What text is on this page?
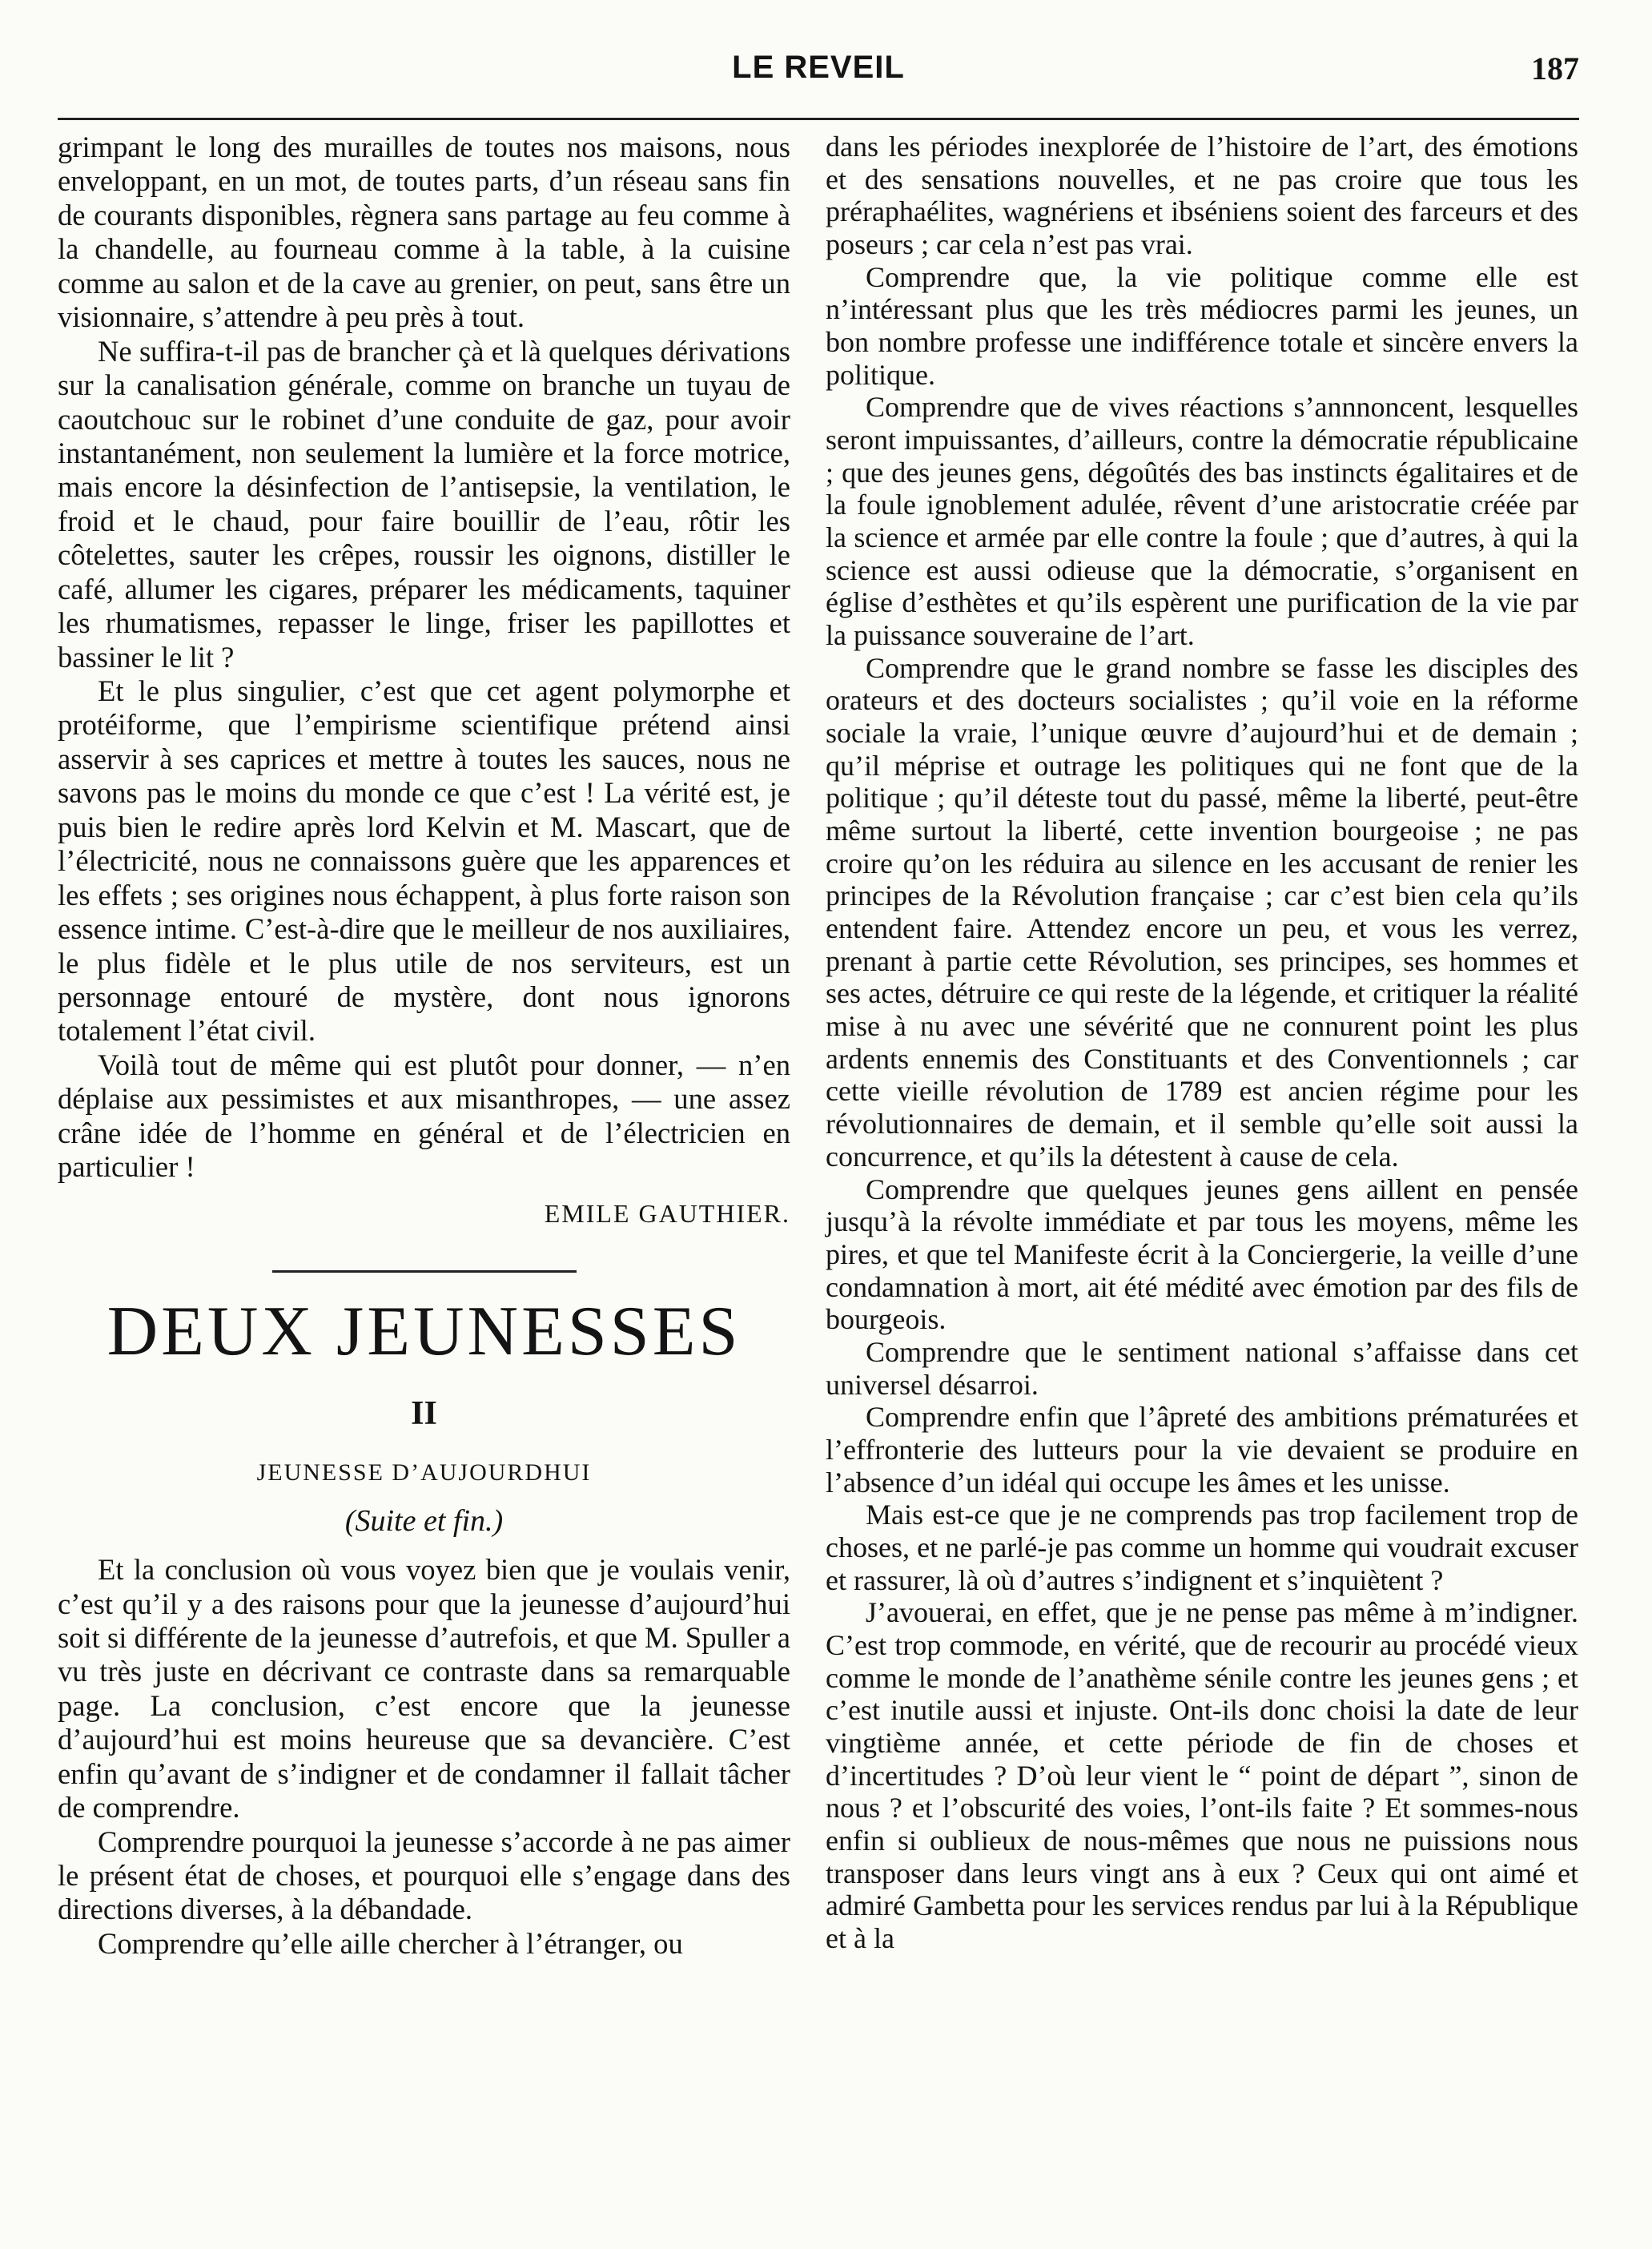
LE REVEIL	187

grimpant le long des murailles de toutes nos maisons, nous enveloppant, en un mot, de toutes parts, d’un réseau sans fin de courants disponibles, règnera sans partage au feu comme à la chandelle, au fourneau comme à la table, à la cuisine comme au salon et de la cave au grenier, on peut, sans être un visionnaire, s’attendre à peu près à tout.

Ne suffira-t-il pas de brancher çà et là quelques dérivations sur la canalisation générale, comme on branche un tuyau de caoutchouc sur le robinet d’une conduite de gaz, pour avoir instantanément, non seulement la lumière et la force motrice, mais encore la désinfection de l’antisepsie, la ventilation, le froid et le chaud, pour faire bouillir de l’eau, rôtir les côtelettes, sauter les crêpes, roussir les oignons, distiller le café, allumer les cigares, préparer les médicaments, taquiner les rhumatismes, repasser le linge, friser les papillottes et bassiner le lit ?

Et le plus singulier, c’est que cet agent polymorphe et protéiforme, que l’empirisme scientifique prétend ainsi asservir à ses caprices et mettre à toutes les sauces, nous ne savons pas le moins du monde ce que c’est ! La vérité est, je puis bien le redire après lord Kelvin et M. Mascart, que de l’électricité, nous ne connaissons guère que les apparences et les effets ; ses origines nous échappent, à plus forte raison son essence intime. C’est-à-dire que le meilleur de nos auxiliaires, le plus fidèle et le plus utile de nos serviteurs, est un personnage entouré de mystère, dont nous ignorons totalement l’état civil.

Voilà tout de même qui est plutôt pour donner, — n’en déplaise aux pessimistes et aux misanthropes, — une assez crâne idée de l’homme en général et de l’électricien en particulier !

EMILE GAUTHIER.
DEUX JEUNESSES
II
JEUNESSE D’AUJOURDHUI
(Suite et fin.)

Et la conclusion où vous voyez bien que je voulais venir, c’est qu’il y a des raisons pour que la jeunesse d’aujourd’hui soit si différente de la jeunesse d’autrefois, et que M. Spuller a vu très juste en décrivant ce contraste dans sa remarquable page. La conclusion, c’est encore que la jeunesse d’aujourd’hui est moins heureuse que sa devancière. C’est enfin qu’avant de s’indigner et de condamner il fallait tâcher de comprendre.

Comprendre pourquoi la jeunesse s’accorde à ne pas aimer le présent état de choses, et pourquoi elle s’engage dans des directions diverses, à la débandade.

Comprendre qu’elle aille chercher à l’étranger, ou

dans les périodes inexplorée de l’histoire de l’art, des émotions et des sensations nouvelles, et ne pas croire que tous les préraphaélites, wagnériens et ibséniens soient des farceurs et des poseurs ; car cela n’est pas vrai.

Comprendre que, la vie politique comme elle est n’intéressant plus que les très médiocres parmi les jeunes, un bon nombre professe une indifférence totale et sincère envers la politique.

Comprendre que de vives réactions s’annnoncent, lesquelles seront impuissantes, d’ailleurs, contre la démocratie républicaine ; que des jeunes gens, dégoûtés des bas instincts égalitaires et de la foule ignoblement adulée, rêvent d’une aristocratie créée par la science et armée par elle contre la foule ; que d’autres, à qui la science est aussi odieuse que la démocratie, s’organisent en église d’esthètes et qu’ils espèrent une purification de la vie par la puissance souveraine de l’art.

Comprendre que le grand nombre se fasse les disciples des orateurs et des docteurs socialistes ; qu’il voie en la réforme sociale la vraie, l’unique œuvre d’aujourd’hui et de demain ; qu’il méprise et outrage les politiques qui ne font que de la politique ; qu’il déteste tout du passé, même la liberté, peut-être même surtout la liberté, cette invention bourgeoise ; ne pas croire qu’on les réduira au silence en les accusant de renier les principes de la Révolution française ; car c’est bien cela qu’ils entendent faire. Attendez encore un peu, et vous les verrez, prenant à partie cette Révolution, ses principes, ses hommes et ses actes, détruire ce qui reste de la légende, et critiquer la réalité mise à nu avec une sévérité que ne connurent point les plus ardents ennemis des Constituants et des Conventionnels ; car cette vieille révolution de 1789 est ancien régime pour les révolutionnaires de demain, et il semble qu’elle soit aussi la concurrence, et qu’ils la détestent à cause de cela.

Comprendre que quelques jeunes gens aillent en pensée jusqu’à la révolte immédiate et par tous les moyens, même les pires, et que tel Manifeste écrit à la Conciergerie, la veille d’une condamnation à mort, ait été médité avec émotion par des fils de bourgeois.

Comprendre que le sentiment national s’affaisse dans cet universel désarroi.

Comprendre enfin que l’âpreté des ambitions prématurées et l’effronterie des lutteurs pour la vie devaient se produire en l’absence d’un idéal qui occupe les âmes et les unisse.

Mais est-ce que je ne comprends pas trop facilement trop de choses, et ne parlé-je pas comme un homme qui voudrait excuser et rassurer, là où d’autres s’indignent et s’inquiètent ?

J’avouerai, en effet, que je ne pense pas même à m’indigner. C’est trop commode, en vérité, que de recourir au procédé vieux comme le monde de l’anathème sénile contre les jeunes gens ; et c’est inutile aussi et injuste. Ont-ils donc choisi la date de leur vingtième année, et cette période de fin de choses et d’incertitudes ? D’où leur vient le “ point de départ ”, sinon de nous ? et l’obscurité des voies, l’ont-ils faite ? Et sommes-nous enfin si oublieux de nous-mêmes que nous ne puissions nous transposer dans leurs vingt ans à eux ? Ceux qui ont aimé et admiré Gambetta pour les services rendus par lui à la République et à la
